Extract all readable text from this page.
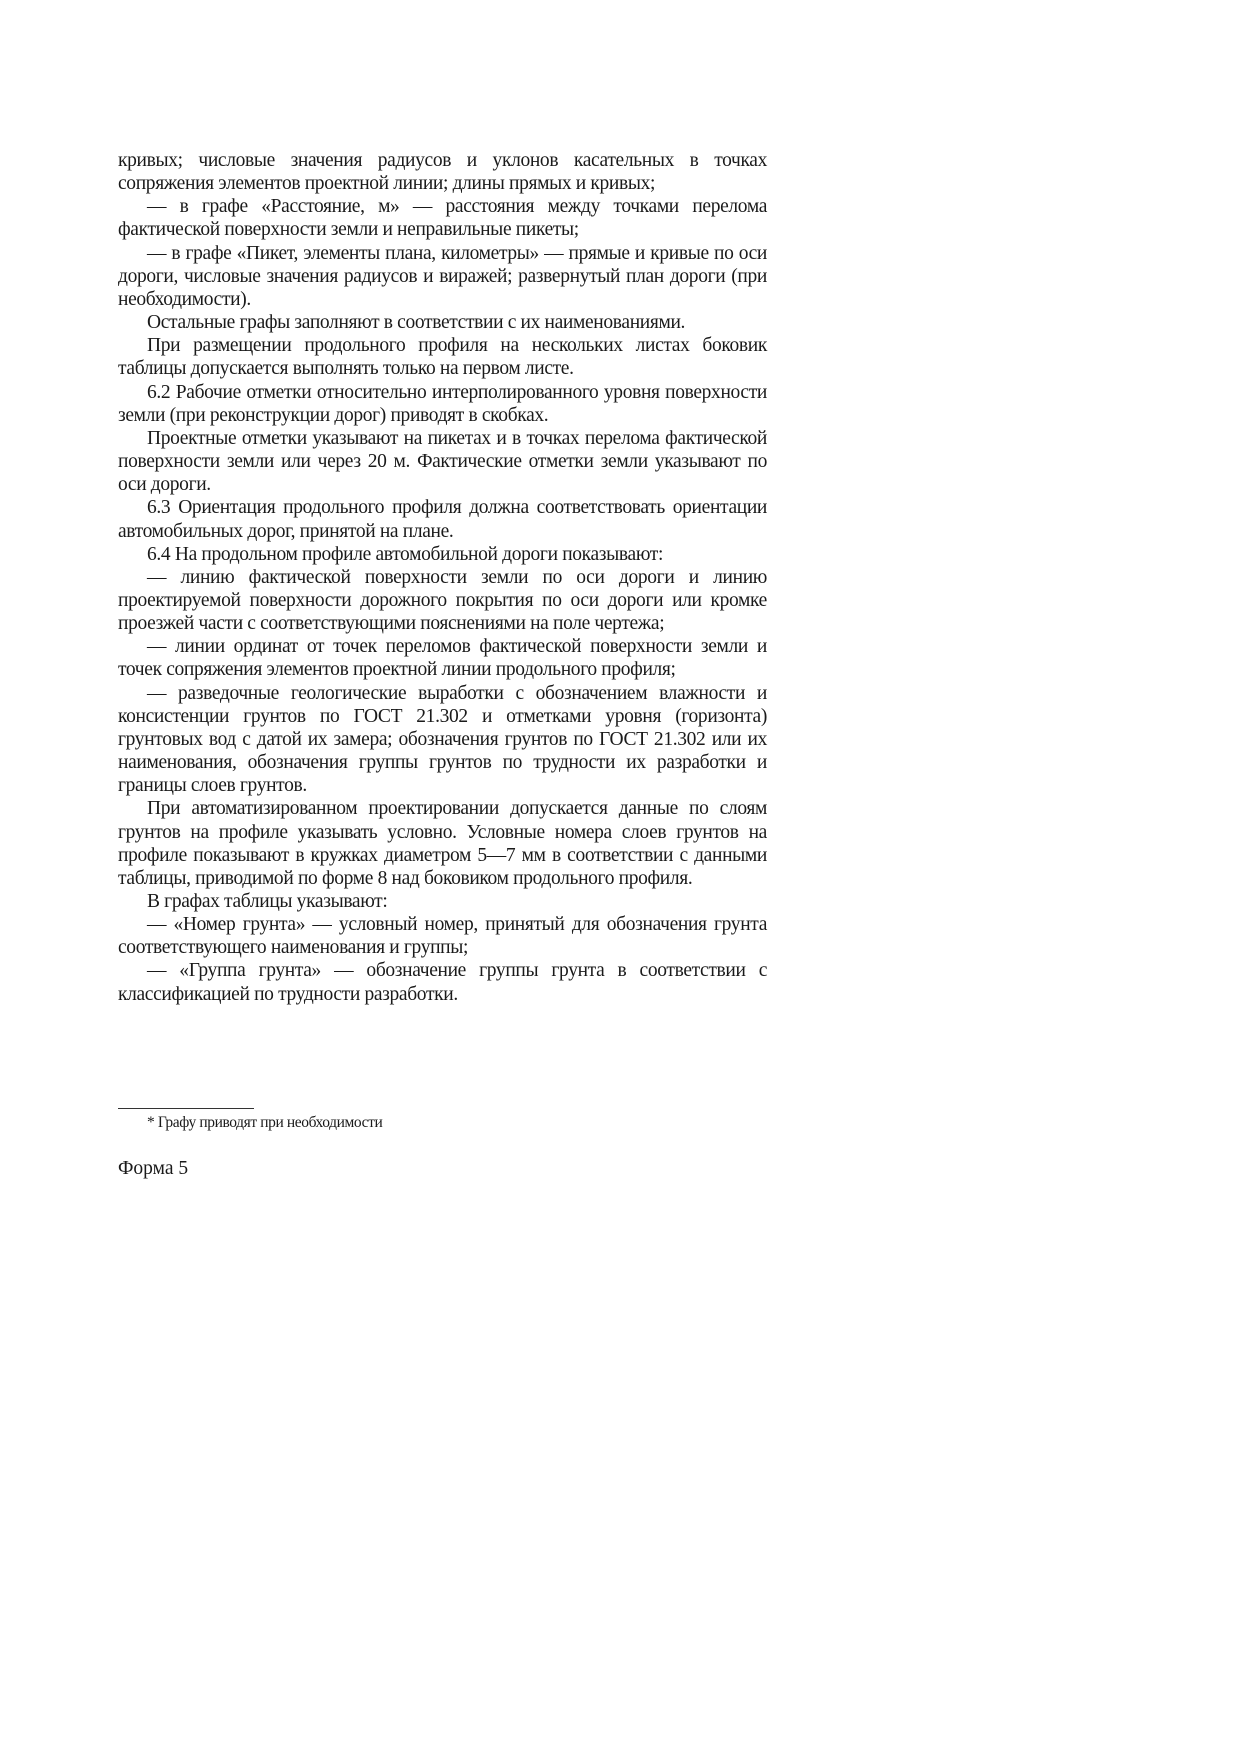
кривых; числовые значения радиусов и уклонов касательных в точках сопряжения элементов проектной линии; длины прямых и кривых;

— в графе «Расстояние, м» — расстояния между точками перелома фактической поверхности земли и неправильные пикеты;

— в графе «Пикет, элементы плана, километры» — прямые и кривые по оси дороги, числовые значения радиусов и виражей; развернутый план дороги (при необходимости).

Остальные графы заполняют в соответствии с их наименованиями.

При размещении продольного профиля на нескольких листах боковик таблицы допускается выполнять только на первом листе.

6.2 Рабочие отметки относительно интерполированного уровня поверхности земли (при реконструкции дорог) приводят в скобках.

Проектные отметки указывают на пикетах и в точках перелома фактической поверхности земли или через 20 м. Фактические отметки земли указывают по оси дороги.

6.3 Ориентация продольного профиля должна соответствовать ориентации автомобильных дорог, принятой на плане.

6.4 На продольном профиле автомобильной дороги показывают:

— линию фактической поверхности земли по оси дороги и линию проектируемой поверхности дорожного покрытия по оси дороги или кромке проезжей части с соответствующими пояснениями на поле чертежа;

— линии ординат от точек переломов фактической поверхности земли и точек сопряжения элементов проектной линии продольного профиля;

— разведочные геологические выработки с обозначением влажности и консистенции грунтов по ГОСТ 21.302 и отметками уровня (горизонта) грунтовых вод с датой их замера; обозначения грунтов по ГОСТ 21.302 или их наименования, обозначения группы грунтов по трудности их разработки и границы слоев грунтов.

При автоматизированном проектировании допускается данные по слоям грунтов на профиле указывать условно. Условные номера слоев грунтов на профиле показывают в кружках диаметром 5—7 мм в соответствии с данными таблицы, приводимой по форме 8 над боковиком продольного профиля.

В графах таблицы указывают:

— «Номер грунта» — условный номер, принятый для обозначения грунта соответствующего наименования и группы;

— «Группа грунта» — обозначение группы грунта в соответствии с классификацией по трудности разработки.

* Графу приводят при необходимости
Форма 5
